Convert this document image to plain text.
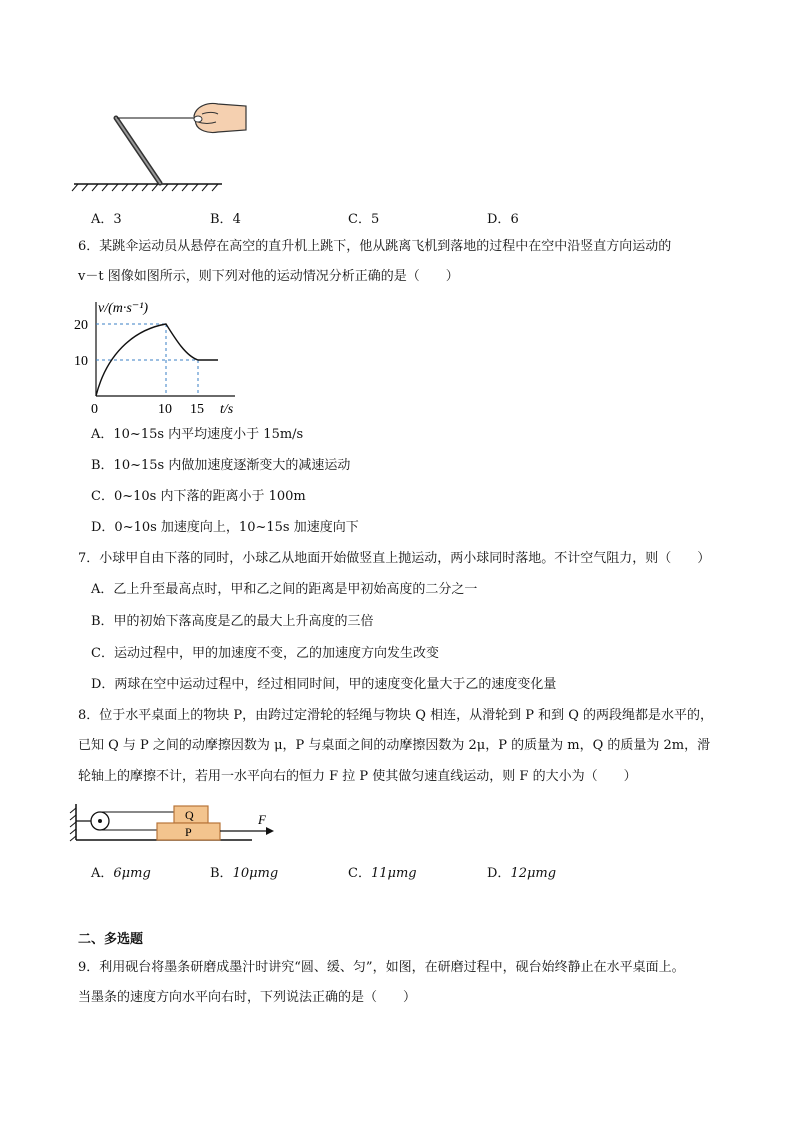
A．3	B．4	C．5	D．6
6．某跳伞运动员从悬停在高空的直升机上跳下，他从跳离飞机到落地的过程中在空中沿竖直方向运动的
v－t 图像如图所示，则下列对他的运动情况分析正确的是（　　）
v/(m·s⁻¹)
20
10
0	10 15 t/s
A．10~15s 内平均速度小于 15m/s
B．10~15s 内做加速度逐渐变大的减速运动
C．0~10s 内下落的距离小于 100m
D．0~10s 加速度向上，10~15s 加速度向下
7．小球甲自由下落的同时，小球乙从地面开始做竖直上抛运动，两小球同时落地。不计空气阻力，则（　　）
A．乙上升至最高点时，甲和乙之间的距离是甲初始高度的二分之一
B．甲的初始下落高度是乙的最大上升高度的三倍
C．运动过程中，甲的加速度不变，乙的加速度方向发生改变
D．两球在空中运动过程中，经过相同时间，甲的速度变化量大于乙的速度变化量
8．位于水平桌面上的物块 P，由跨过定滑轮的轻绳与物块 Q 相连，从滑轮到 P 和到 Q 的两段绳都是水平的，
已知 Q 与 P 之间的动摩擦因数为 μ，P 与桌面之间的动摩擦因数为 2μ，P 的质量为 m，Q 的质量为 2m，滑
轮轴上的摩擦不计，若用一水平向右的恒力 F 拉 P 使其做匀速直线运动，则 F 的大小为（　　）
Q
P
F
A．6μmg	B．10μmg	C．11μmg	D．12μmg
二、多选题
9．利用砚台将墨条研磨成墨汁时讲究“圆、缓、匀”，如图，在研磨过程中，砚台始终静止在水平桌面上。
当墨条的速度方向水平向右时，下列说法正确的是（　　）
